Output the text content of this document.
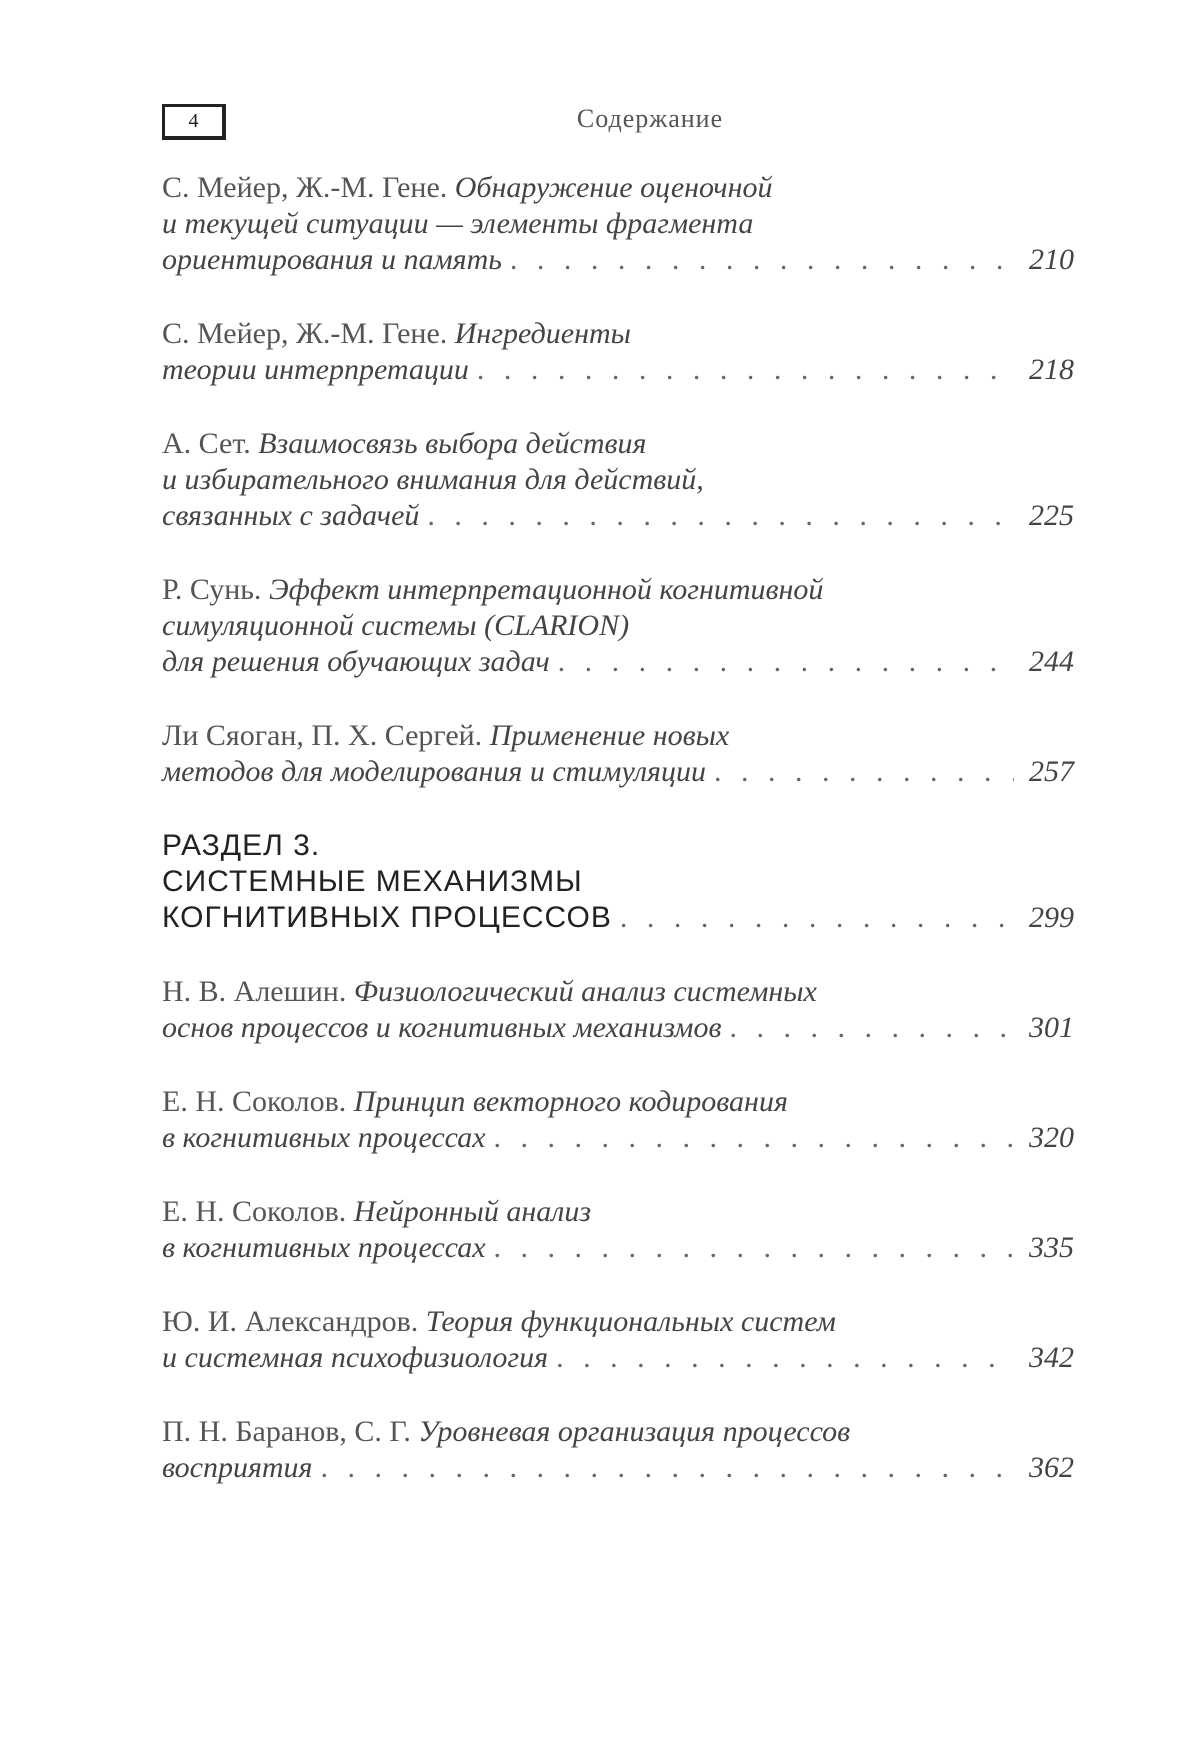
4	Содержание
С. Мейер, Ж.-М. Гене. Обнаружение оценочной
и текущей ситуации — элементы фрагмента
ориентирования и память . . .	210
С. Мейер, Ж.-М. Гене. Ингредиенты
теории интерпретации . . .	218
А. Сет. Взаимосвязь выбора действия
и избирательного внимания для действий,
связанных с задачей . . .	225
Р. Сунь. Эффект интерпретационной когнитивной
симуляционной системы (CLARION)
для решения обучающих задач . . .	244
Ли Сяоган, П. Х. Сергей. Применение новых
методов для моделирования и стимуляции . . .	257
РАЗДЕЛ 3.
СИСТЕМНЫЕ МЕХАНИЗМЫ
КОГНИТИВНЫХ ПРОЦЕССОВ . . .	299
Н. В. Алешин. Физиологический анализ системных
основ процессов и когнитивных механизмов . . .	301
Е. Н. Соколов. Принцип векторного кодирования
в когнитивных процессах . . .	320
Е. Н. Соколов. Нейронный анализ
в когнитивных процессах . . .	335
Ю. И. Александров. Теория функциональных систем
и системная психофизиология . . .	342
П. Н. Баранов, С. Г. Уровневая организация процессов
восприятия . . .	362
